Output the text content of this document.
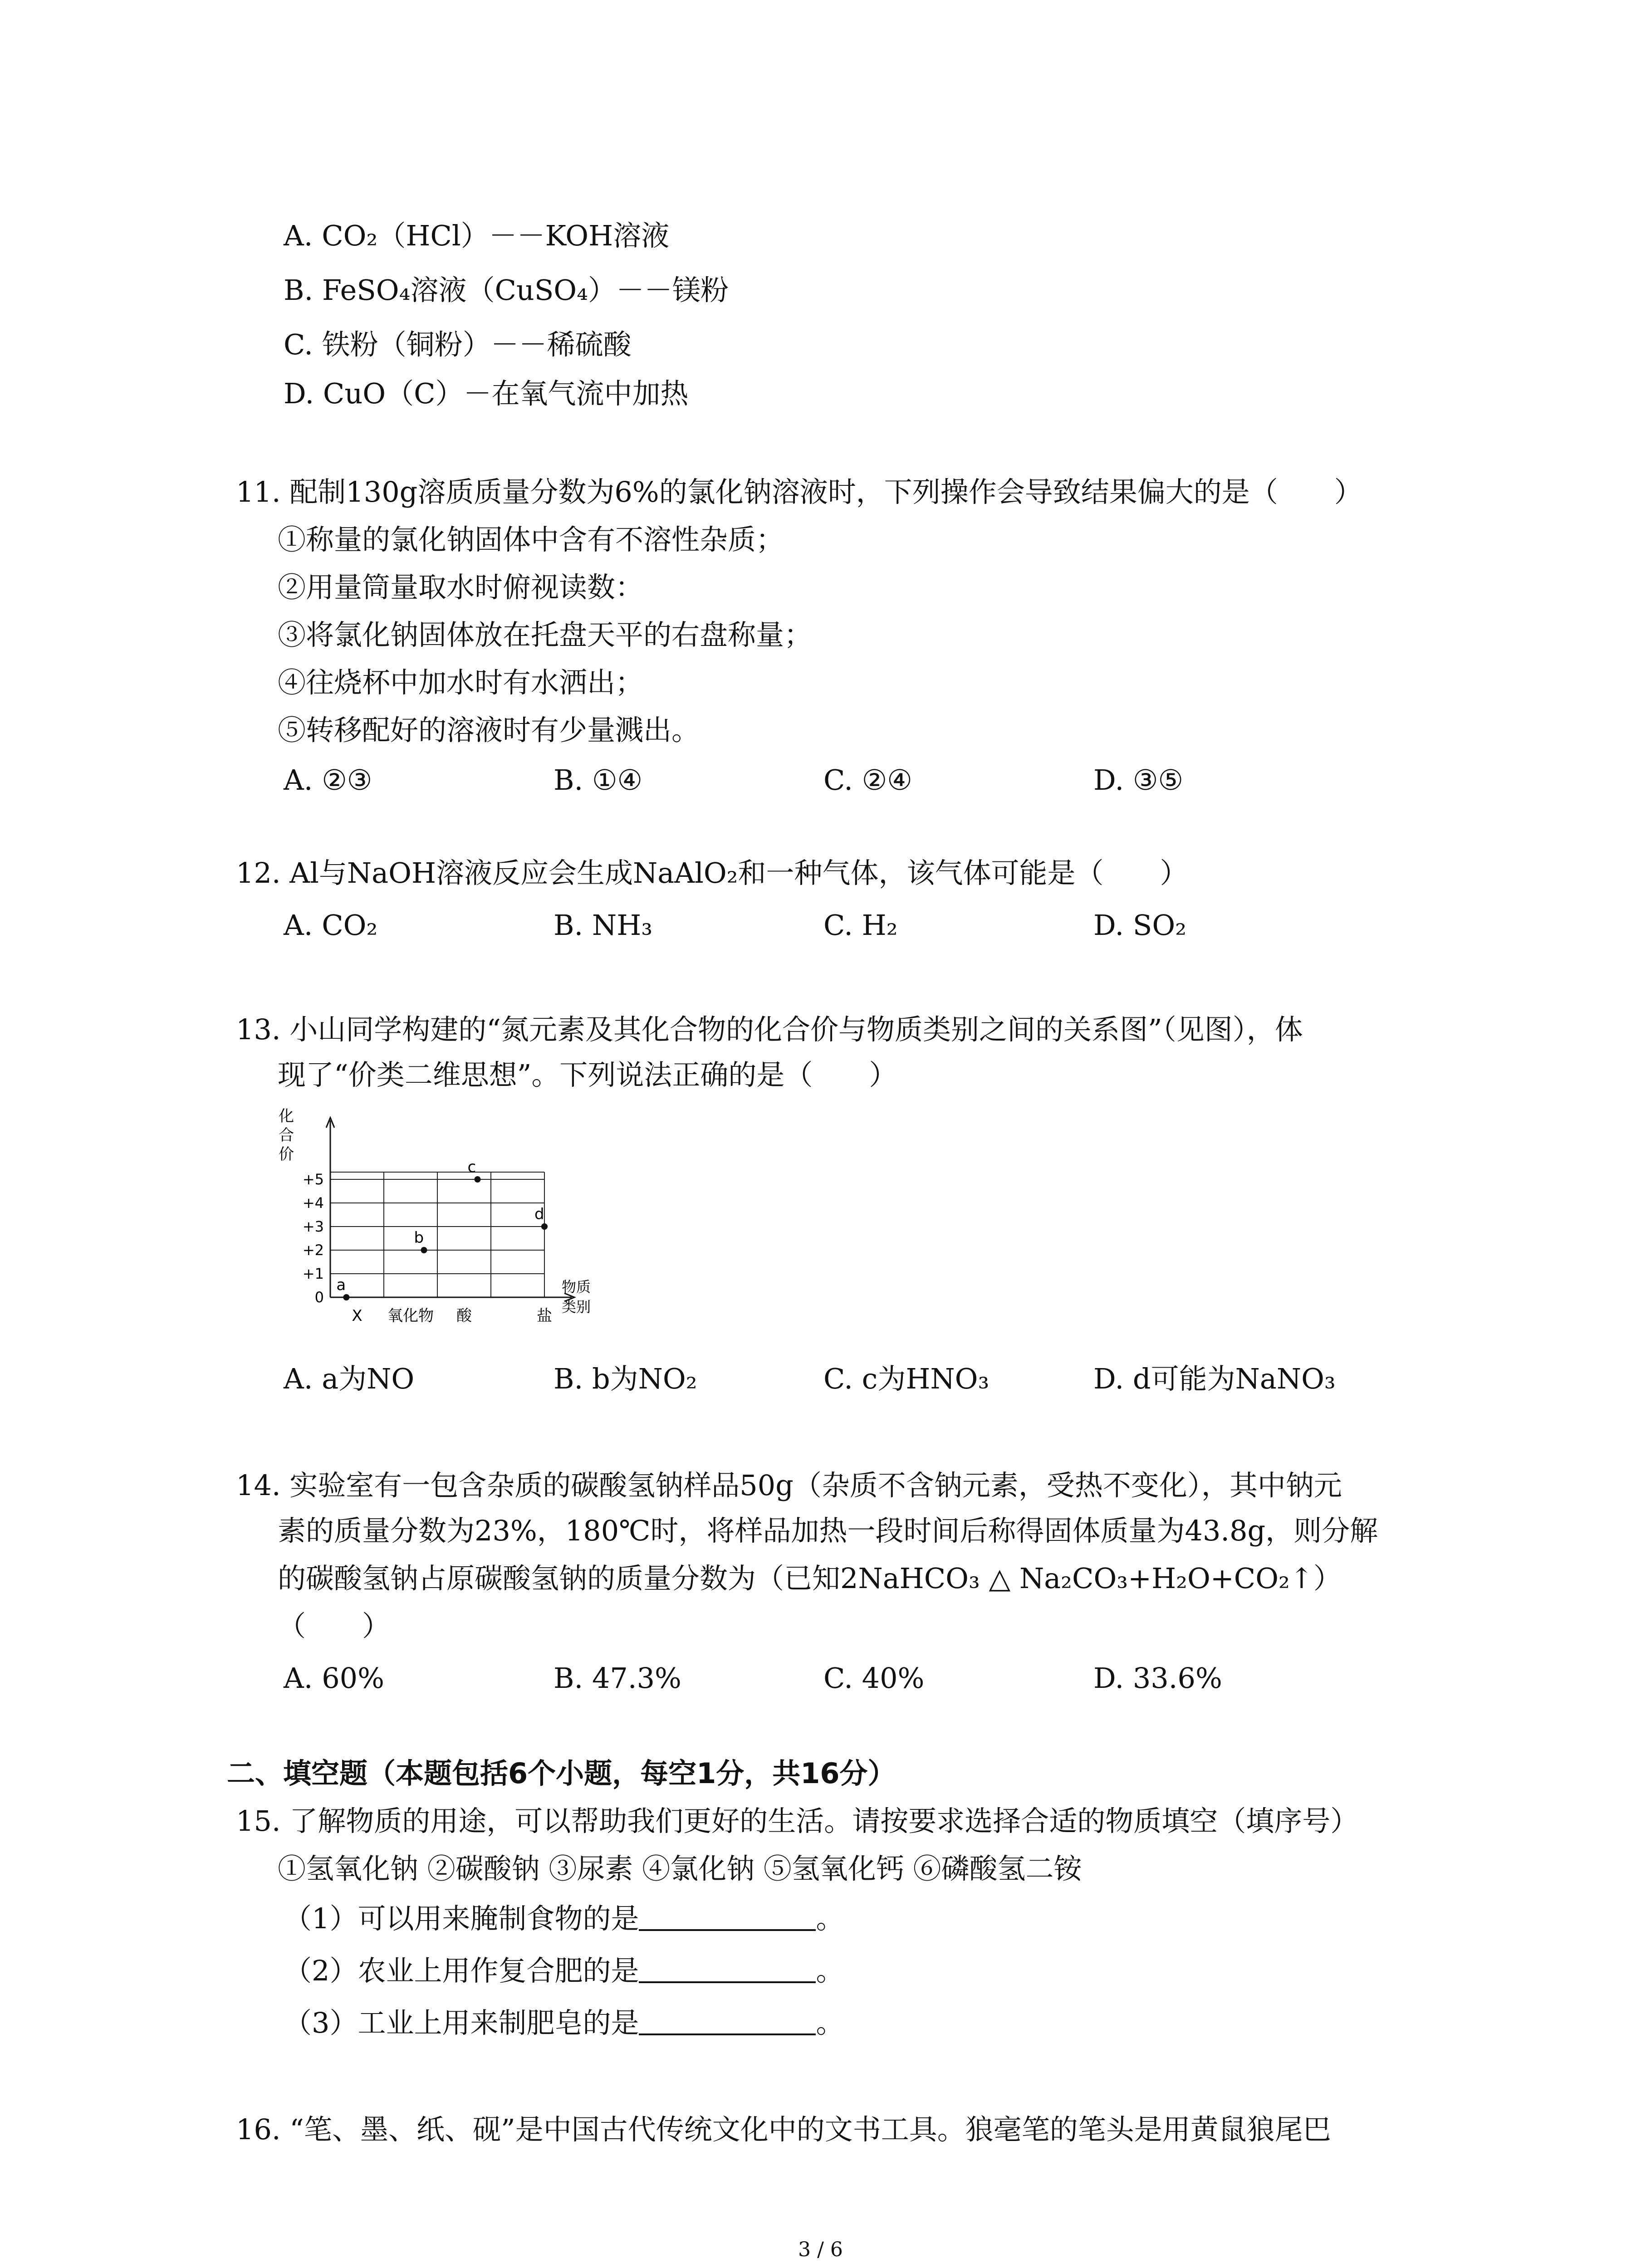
A. CO₂（HCl）－－KOH溶液
B. FeSO₄溶液（CuSO₄）－－镁粉
C. 铁粉（铜粉）－－稀硫酸
D. CuO（C）－在氧气流中加热
11. 配制130g溶质质量分数为6%的氯化钠溶液时，下列操作会导致结果偏大的是（　　）
①称量的氯化钠固体中含有不溶性杂质；
②用量筒量取水时俯视读数：
③将氯化钠固体放在托盘天平的右盘称量；
④往烧杯中加水时有水洒出；
⑤转移配好的溶液时有少量溅出。
A. ②③	B. ①④	C. ②④	D. ③⑤
12. Al与NaOH溶液反应会生成NaAlO₂和一种气体，该气体可能是（　　）
A. CO₂	B. NH₃	C. H₂	D. SO₂
13. 小山同学构建的“氮元素及其化合物的化合价与物质类别之间的关系图”（见图），体
现了“价类二维思想”。下列说法正确的是（　　）
化
合
价
+5
+4
+3
+2
+1
0
X 氧化物 酸	盐
物质
类别
a
b
c
d
A. a为NO	B. b为NO₂	C. c为HNO₃	D. d可能为NaNO₃
14. 实验室有一包含杂质的碳酸氢钠样品50g（杂质不含钠元素，受热不变化），其中钠元
素的质量分数为23%，180℃时，将样品加热一段时间后称得固体质量为43.8g，则分解
的碳酸氢钠占原碳酸氢钠的质量分数为（已知2NaHCO₃ △ Na₂CO₃+H₂O+CO₂↑）
（　　）
A. 60%	B. 47.3%	C. 40%	D. 33.6%
二、填空题（本题包括6个小题，每空1分，共16分）
15. 了解物质的用途，可以帮助我们更好的生活。请按要求选择合适的物质填空（填序号）
①氢氧化钠 ②碳酸钠 ③尿素 ④氯化钠 ⑤氢氧化钙 ⑥磷酸氢二铵
（1）可以用来腌制食物的是	。
（2）农业上用作复合肥的是	。
（3）工业上用来制肥皂的是	。
16. “笔、墨、纸、砚”是中国古代传统文化中的文书工具。狼毫笔的笔头是用黄鼠狼尾巴
3 / 6
